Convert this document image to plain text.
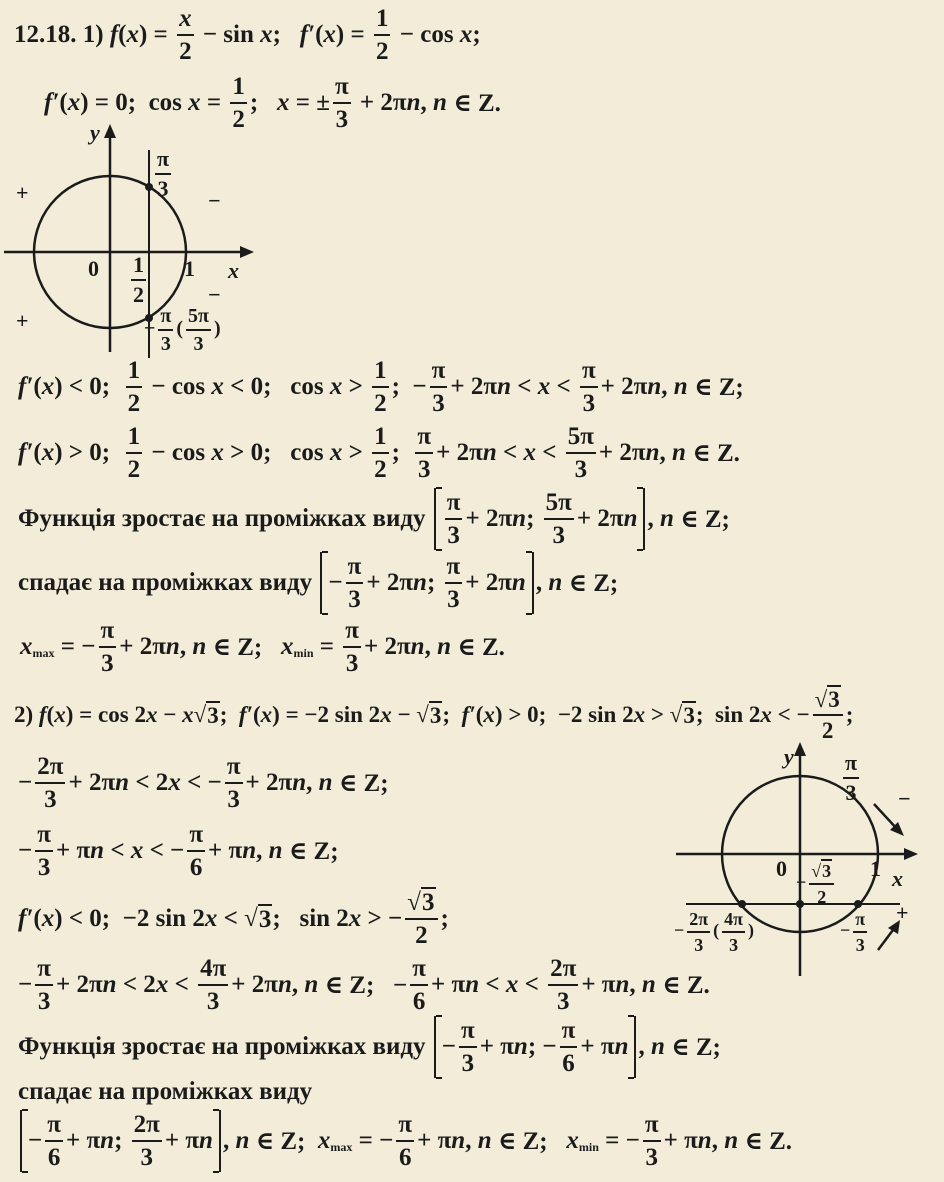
12.18.
1)
f ( x ) =
x
2
− sin x ; f′ ( x ) =
1
2
− cos x ;
f′ ( x ) = 0;  cos x =
1
2
; x = ±
π
3
+ 2π n , n ∈ Z.
y
x
0	1
$\frac{1}{2}$
$\frac{\pi}{3}$
− $\frac{\pi}{3}$ ( $\frac{5\pi}{3}$ )
+	−
−
+
f′ ( x ) < 0;
1
2
− cos x < 0;   cos x >
1
2
;  −
π
3
+ 2π n < x <
π
3
+ 2π n , n ∈ Z;
f′ ( x ) > 0;
1
2
− cos x > 0;   cos x >
1
2
;
π
3
+ 2π n < x <
5π
3
+ 2π n , n ∈ Z.
Функція зростає на проміжках виду

π
3
+ 2π n ;
5π
3
+ 2π n , n ∈ Z;
спадає на проміжках виду
−
π
3
+ 2π n ;
π
3
+ 2π n , n ∈ Z;
x max = −
π
3
+ 2π n , n ∈ Z; x min =
π
3
+ 2π n , n ∈ Z.
2)
f ( x ) = cos 2 x − x √ 3 ; f′ ( x ) = −2 sin 2 x − √ 3 ; f′ ( x ) > 0;  −2 sin 2 x > √ 3 ;  sin 2 x < −
√3
2
;
−
2π
3
+ 2π n < 2 x < −
π
3
+ 2π n , n ∈ Z;
−
π
3
+ π n < x < −
π
6
+ π n , n ∈ Z;
f′ ( x ) < 0;  −2 sin 2 x < √ 3 ;   sin 2 x > −
√3
2
;
−
π
3
+ 2π n < 2 x <
4π
3
+ 2π n , n ∈ Z;   −
π
6
+ π n < x <
2π
3
+ π n , n ∈ Z.
Функція зростає на проміжках виду
−
π
3
+ π n ; −
π
6
+ π n , n ∈ Z;
спадає на проміжках виду
−
π
6
+ π n ;
2π
3
+ π n , n ∈ Z; x max = −
π
6
+ π n , n ∈ Z; x min = −
π
3
+ π n , n ∈ Z.
y
x
0	1
$\frac{\pi}{3}$
− $\frac{√3}{2}$
− $\frac{2\pi}{3}$ ( $\frac{4\pi}{3}$ )	− $\frac{\pi}{3}$
−
+
